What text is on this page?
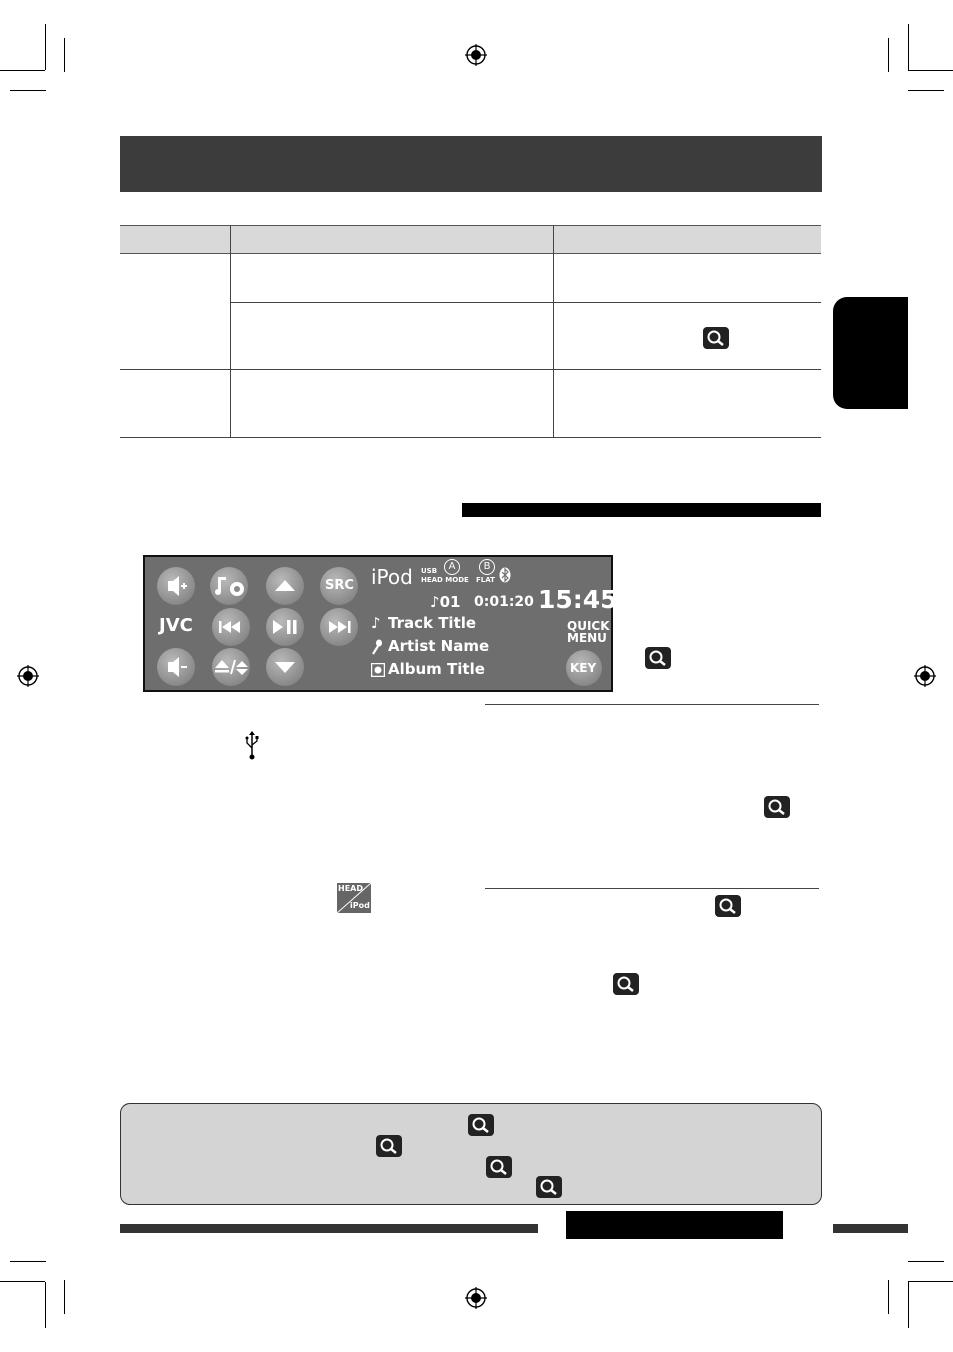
SRC
JVC
iPod USB
HEAD MODE
A	B
FLAT
♪01 0:01:20 15:45
♪ Track Title
Artist Name
Album Title
QUICK
MENU
KEY
HEAD
iPod
